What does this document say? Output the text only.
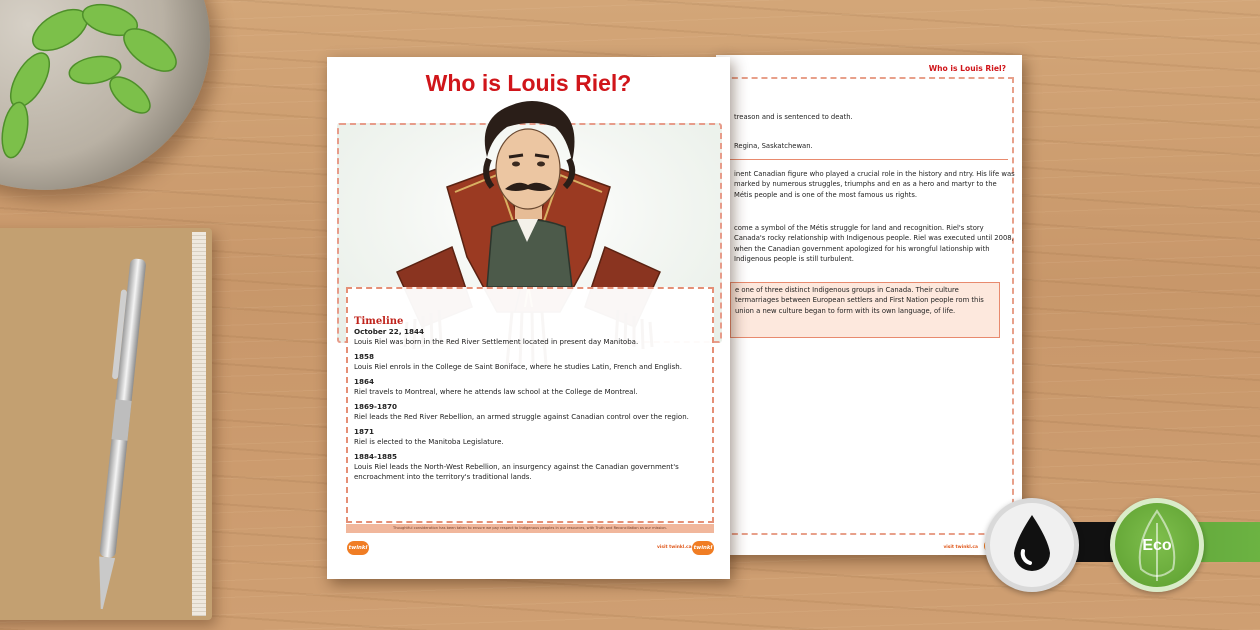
Who is Louis Riel?
treason and is sentenced to death.
Regina, Saskatchewan.
inent Canadian figure who played a crucial role in the history and ntry. His life was marked by numerous struggles, triumphs and en as a hero and martyr to the Métis people and is one of the most famous us rights.
come a symbol of the Métis struggle for land and recognition. Riel's story Canada's rocky relationship with Indigenous people. Riel was executed until 2008, when the Canadian government apologized for his wrongful lationship with Indigenous people is still turbulent.
e one of three distinct Indigenous groups in Canada. Their culture termarriages between European settlers and First Nation people rom this union a new culture began to form with its own language, of life.
visit twinkl.ca
Who is Louis Riel?
Timeline
October 22, 1844
Louis Riel was born in the Red River Settlement located in present day Manitoba.
1858
Louis Riel enrols in the College de Saint Boniface, where he studies Latin, French and English.
1864
Riel travels to Montreal, where he attends law school at the College de Montreal.
1869-1870
Riel leads the Red River Rebellion, an armed struggle against Canadian control over the region.
1871
Riel is elected to the Manitoba Legislature.
1884-1885
Louis Riel leads the North-West Rebellion, an insurgency against the Canadian government's encroachment into the territory's traditional lands.
Thoughtful consideration has been taken to ensure we pay respect to Indigenous peoples in our resources, with Truth and Reconciliation as our mission.
twinkl	visit twinkl.ca twinkl	Eco
